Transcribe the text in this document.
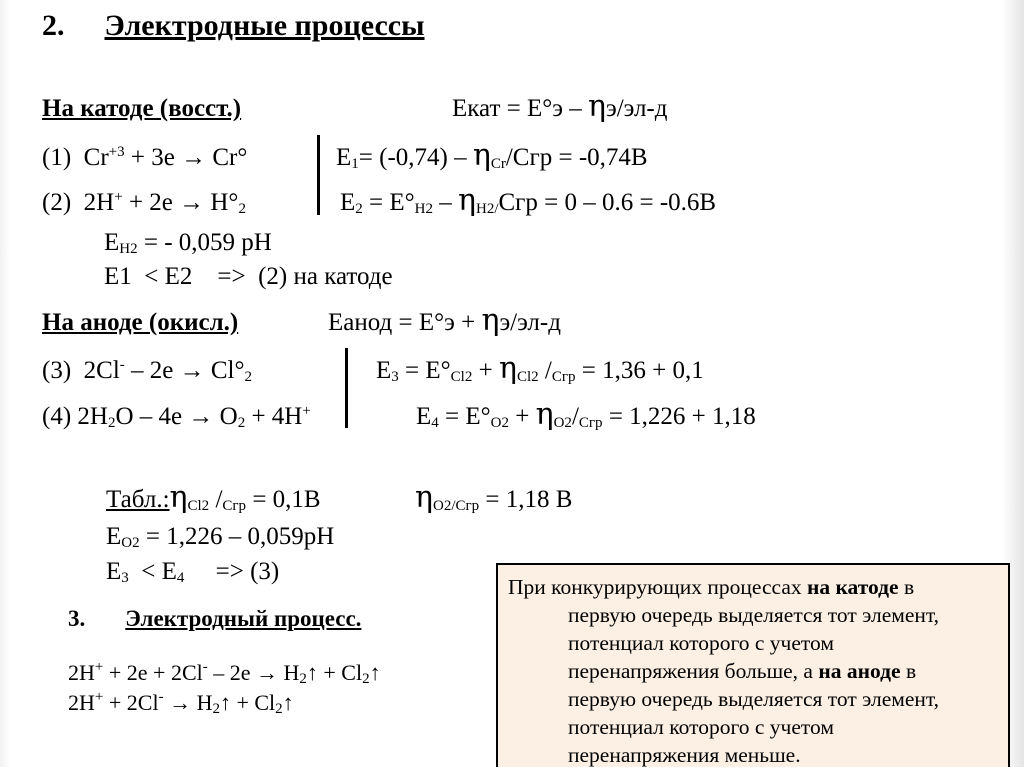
2. Электродные процессы
На катоде (восст.)	Eкат = E°э – ηэ/эл-д
(1) $Cr^{+3} + 3e \to Cr^\circ$	E1= (-0,74) – ηCr/Cгр = -0,74В
(2) 2H+ + 2e → H°2	E2 = E°H2 – ηH2/Cгр = 0 – 0.6 = -0.6В
EH2 = - 0,059 pH
E1  < E2    =>  (2) на катоде
На аноде (окисл.)	Eанод = E°э + ηэ/эл-д
(3) 2Cl- – 2e → Cl°2	E3 = E°Cl2 + ηCl2 /Cгр = 1,36 + 0,1
(4) 2H2O – 4e → O2 + 4H+	E4 = E°O2 + ηO2/Cгр = 1,226 + 1,18
Табл.:ηCl2 /Cгр = 0,1В	ηO2/Cгр = 1,18 В
EO2 = 1,226 – 0,059pH
E3  < E4     => (3)
3. Электродный процесс.
2H+ + 2e + 2Cl- – 2e → H2↑ + Cl2↑
2H+ + 2Cl- → H2↑ + Cl2↑
При конкурирующих процессах на катоде в
первую очередь выделяется тот элемент,
потенциал которого с учетом
перенапряжения больше, а на аноде в
первую очередь выделяется тот элемент,
потенциал которого с учетом
перенапряжения меньше.
